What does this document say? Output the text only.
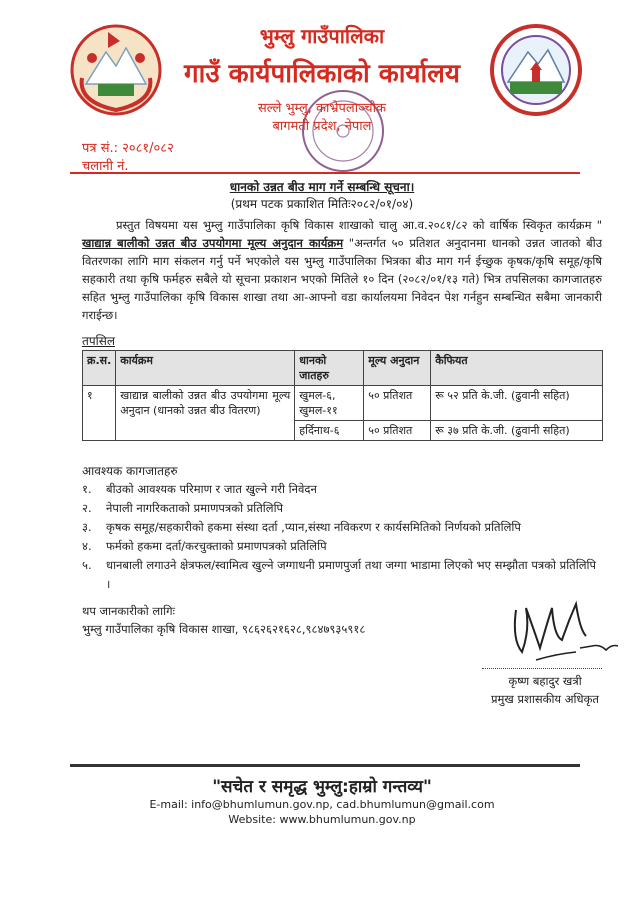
भुम्लु गाउँपालिका
गाउँ कार्यपालिकाको कार्यालय
सल्ले भुम्लु, काभ्रेपलाञ्चोक
बागमती प्रदेश, नेपाल
पत्र सं.: २०८१/०८२
चलानी नं.
धानको उन्नत बीउ माग गर्ने सम्बन्धि सूचना।
(प्रथम पटक प्रकाशित मितिः२०८२/०१/०४)
प्रस्तुत विषयमा यस भुम्लु गाउँपालिका कृषि विकास शाखाको चालु आ.व.२०८१/८२ को वार्षिक स्विकृत कार्यक्रम " खाद्यान्न बालीको उन्नत बीउ उपयोगमा मूल्य अनुदान कार्यक्रम "अन्तर्गत ५० प्रतिशत अनुदानमा धानको उन्नत जातको बीउ वितरणका लागि माग संकलन गर्नु पर्ने भएकोले यस भुम्लु गाउँपालिका भित्रका बीउ माग गर्न ईच्छुक कृषक/कृषि समूह/कृषि सहकारी तथा कृषि फर्महरु सबैले यो सूचना प्रकाशन भएको मितिले १० दिन (२०८२/०१/१३ गते) भित्र तपसिलका कागजातहरु सहित भुम्लु गाउँपालिका कृषि विकास शाखा तथा आ-आफ्नो वडा कार्यालयमा निवेदन पेश गर्नहुन सम्बन्धित सबैमा जानकारी गराईन्छ।
तपसिल
क्र.स.	कार्यक्रम	धानको जातहरु	मूल्य अनुदान	कैफियत
१	खाद्यान्न बालीको उन्नत बीउ उपयोगमा मूल्य अनुदान (धानको उन्नत बीउ वितरण)	खुमल-६, खुमल-११	५० प्रतिशत	रू ५२ प्रति के.जी. (ढुवानी सहित)
		हर्दिनाथ-६	५० प्रतिशत	रू ३७ प्रति के.जी. (ढुवानी सहित)
आवश्यक कागजातहरु
१.	बीउको आवश्यक परिमाण र जात खुल्ने गरी निवेदन
२.	नेपाली नागरिकताको प्रमाणपत्रको प्रतिलिपि
३.	कृषक समूह/सहकारीको हकमा संस्था दर्ता ,प्यान,संस्था नविकरण र कार्यसमितिको निर्णयको प्रतिलिपि
४.	फर्मको हकमा दर्ता/करचुक्ताको प्रमाणपत्रको प्रतिलिपि
५.	धानबाली लगाउने क्षेत्रफल/स्वामित्व खुल्ने जग्गाधनी प्रमाणपुर्जा तथा जग्गा भाडामा लिएको भए सम्झौता पत्रको प्रतिलिपि ।
थप जानकारीको लागिः
भुम्लु गाउँपालिका कृषि विकास शाखा, ९८६२६२१६२८,९८४७९३५९१८
कृष्ण बहादुर खत्री
प्रमुख प्रशासकीय अधिकृत
"सचेत र समृद्ध भुम्लु:हाम्रो गन्तव्य"
E-mail: info@bhumlumun.gov.np, cad.bhumlumun@gmail.com
Website: www.bhumlumun.gov.np
